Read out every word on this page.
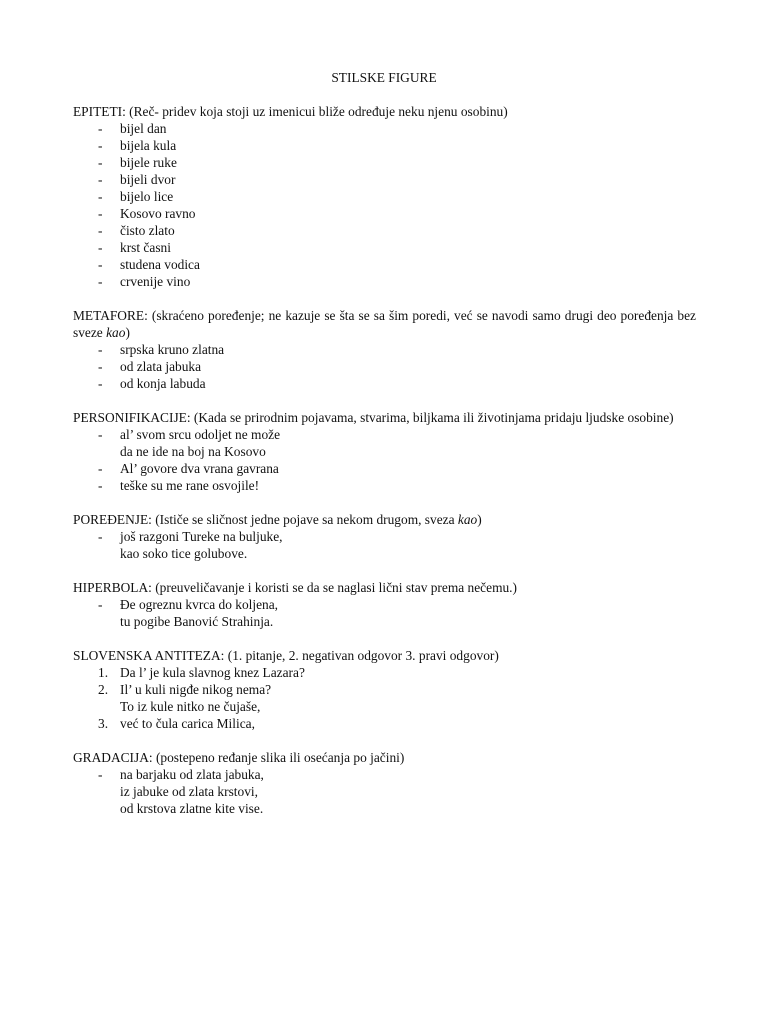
STILSKE FIGURE
EPITETI: (Reč- pridev koja stoji uz imenicui bliže određuje neku njenu osobinu)
-	bijel dan
-	bijela kula
-	bijele ruke
-	bijeli dvor
-	bijelo lice
-	Kosovo ravno
-	čisto zlato
-	krst časni
-	studena vodica
-	crvenije vino
METAFORE: (skraćeno poređenje; ne kazuje se šta se sa šim poredi, već se navodi samo drugi deo poređenja bez sveze kao)
-	srpska kruno zlatna
-	od zlata jabuka
-	od konja labuda
PERSONIFIKACIJE: (Kada se prirodnim pojavama, stvarima, biljkama ili životinjama pridaju ljudske osobine)
-	al’ svom srcu odoljet ne može
da ne ide na boj na Kosovo
-	Al’ govore dva vrana gavrana
-	teške su me rane osvojile!
POREĐENJE: (Ističe se sličnost jedne pojave sa nekom drugom, sveza kao)
-	još razgoni Tureke na buljuke,
kao soko tice golubove.
HIPERBOLA: (preuveličavanje i koristi se da se naglasi lični stav prema nečemu.)
-	Đe ogreznu kvrca do koljena,
tu pogibe Banović Strahinja.
SLOVENSKA ANTITEZA: (1. pitanje, 2. negativan odgovor 3. pravi odgovor)
1. Da l’ je kula slavnog knez Lazara?
2. Il’ u kuli nigđe nikog nema?
To iz kule nitko ne čujaše,
3. već to čula carica Milica,
GRADACIJA: (postepeno ređanje slika ili osećanja po jačini)
-	na barjaku od zlata jabuka,
iz jabuke od zlata krstovi,
od krstova zlatne kite vise.
